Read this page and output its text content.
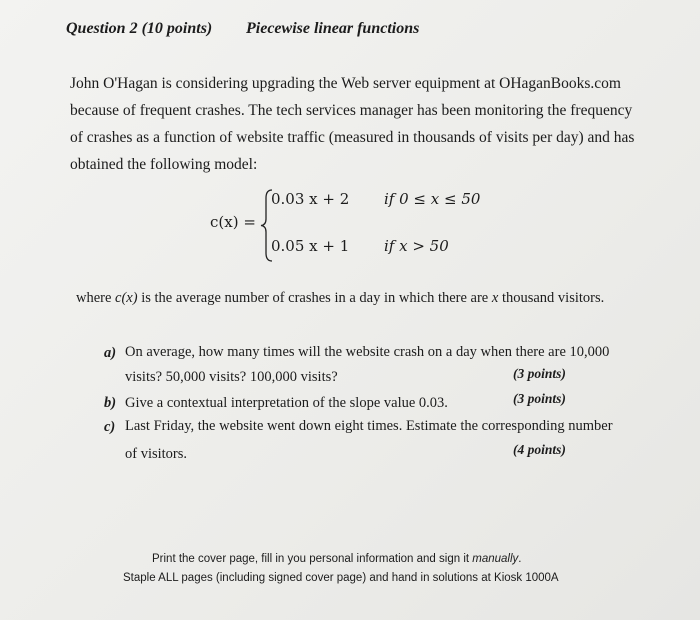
Question 2 (10 points) Piecewise linear functions
John O'Hagan is considering upgrading the Web server equipment at OHaganBooks.com
because of frequent crashes. The tech services manager has been monitoring the frequency
of crashes as a function of website traffic (measured in thousands of visits per day) and has
obtained the following model:
c(x) =
0.03 x + 2 if 0 ≤ x ≤ 50
0.05 x + 1 if x > 50
where c(x) is the average number of crashes in a day in which there are x thousand visitors.
a) On average, how many times will the website crash on a day when there are 10,000
visits? 50,000 visits? 100,000 visits?	(3 points)
b) Give a contextual interpretation of the slope value 0.03.	(3 points)
c) Last Friday, the website went down eight times. Estimate the corresponding number
of visitors.	(4 points)
Print the cover page, fill in you personal information and sign it manually.
Staple ALL pages (including signed cover page) and hand in solutions at Kiosk 1000A
